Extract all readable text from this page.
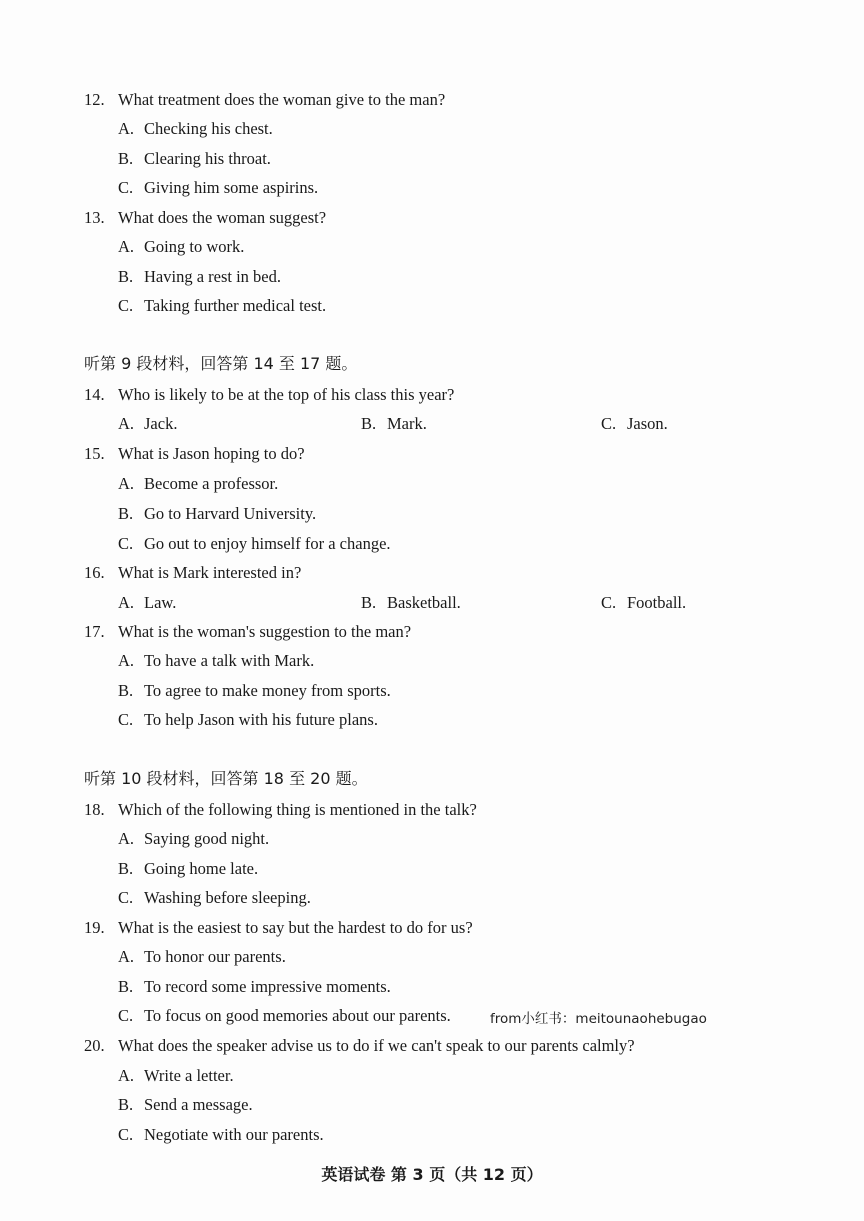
12. What treatment does the woman give to the man?
A. Checking his chest.
B. Clearing his throat.
C. Giving him some aspirins.
13. What does the woman suggest?
A. Going to work.
B. Having a rest in bed.
C. Taking further medical test.
听第 9 段材料，回答第 14 至 17 题。
14. Who is likely to be at the top of his class this year?
A. Jack.	B. Mark.	C. Jason.
15. What is Jason hoping to do?
A. Become a professor.
B. Go to Harvard University.
C. Go out to enjoy himself for a change.
16. What is Mark interested in?
A. Law.	B. Basketball.	C. Football.
17. What is the woman's suggestion to the man?
A. To have a talk with Mark.
B. To agree to make money from sports.
C. To help Jason with his future plans.
听第 10 段材料，回答第 18 至 20 题。
18. Which of the following thing is mentioned in the talk?
A. Saying good night.
B. Going home late.
C. Washing before sleeping.
19. What is the easiest to say but the hardest to do for us?
A. To honor our parents.
B. To record some impressive moments.
C. To focus on good memories about our parents.	from小红书：meitounaohebugao
20. What does the speaker advise us to do if we can't speak to our parents calmly?
A. Write a letter.
B. Send a message.
C. Negotiate with our parents.
英语试卷 第 3 页（共 12 页）
